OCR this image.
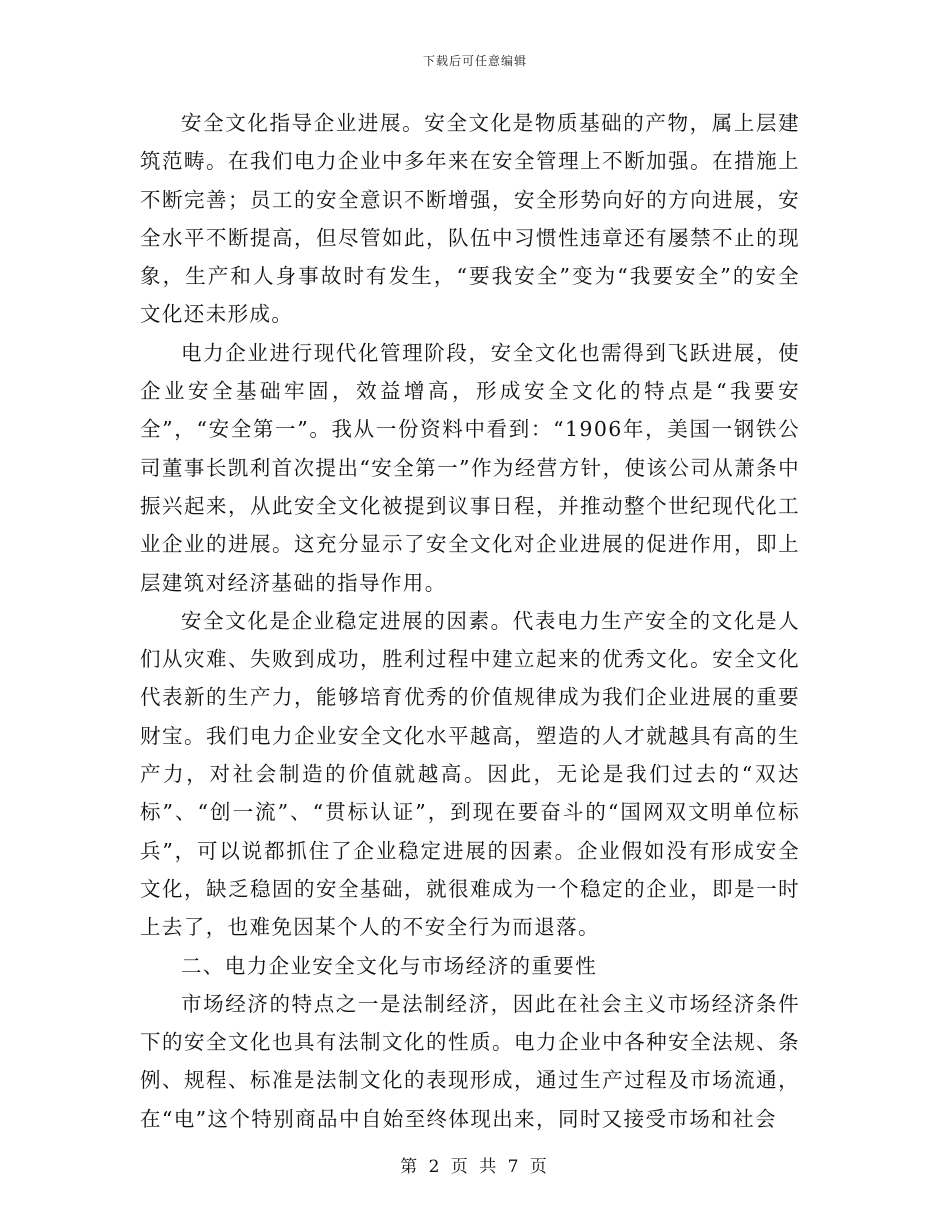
下载后可任意编辑

安全文化指导企业进展。安全文化是物质基础的产物，属上层建筑范畴。在我们电力企业中多年来在安全管理上不断加强。在措施上不断完善；员工的安全意识不断增强，安全形势向好的方向进展，安全水平不断提高，但尽管如此，队伍中习惯性违章还有屡禁不止的现象，生产和人身事故时有发生，“要我安全”变为“我要安全”的安全文化还未形成。

电力企业进行现代化管理阶段，安全文化也需得到飞跃进展，使企业安全基础牢固，效益增高，形成安全文化的特点是“我要安全”，“安全第一”。我从一份资料中看到：“1906年，美国一钢铁公司董事长凯利首次提出“安全第一”作为经营方针，使该公司从萧条中振兴起来，从此安全文化被提到议事日程，并推动整个世纪现代化工业企业的进展。这充分显示了安全文化对企业进展的促进作用，即上层建筑对经济基础的指导作用。

安全文化是企业稳定进展的因素。代表电力生产安全的文化是人们从灾难、失败到成功，胜利过程中建立起来的优秀文化。安全文化代表新的生产力，能够培育优秀的价值规律成为我们企业进展的重要财宝。我们电力企业安全文化水平越高，塑造的人才就越具有高的生产力，对社会制造的价值就越高。因此，无论是我们过去的“双达标”、“创一流”、“贯标认证”，到现在要奋斗的“国网双文明单位标兵”，可以说都抓住了企业稳定进展的因素。企业假如没有形成安全文化，缺乏稳固的安全基础，就很难成为一个稳定的企业，即是一时上去了，也难免因某个人的不安全行为而退落。

二、电力企业安全文化与市场经济的重要性

市场经济的特点之一是法制经济，因此在社会主义市场经济条件下的安全文化也具有法制文化的性质。电力企业中各种安全法规、条例、规程、标准是法制文化的表现形成，通过生产过程及市场流通，在“电”这个特别商品中自始至终体现出来，同时又接受市场和社会

第 2 页 共 7 页
